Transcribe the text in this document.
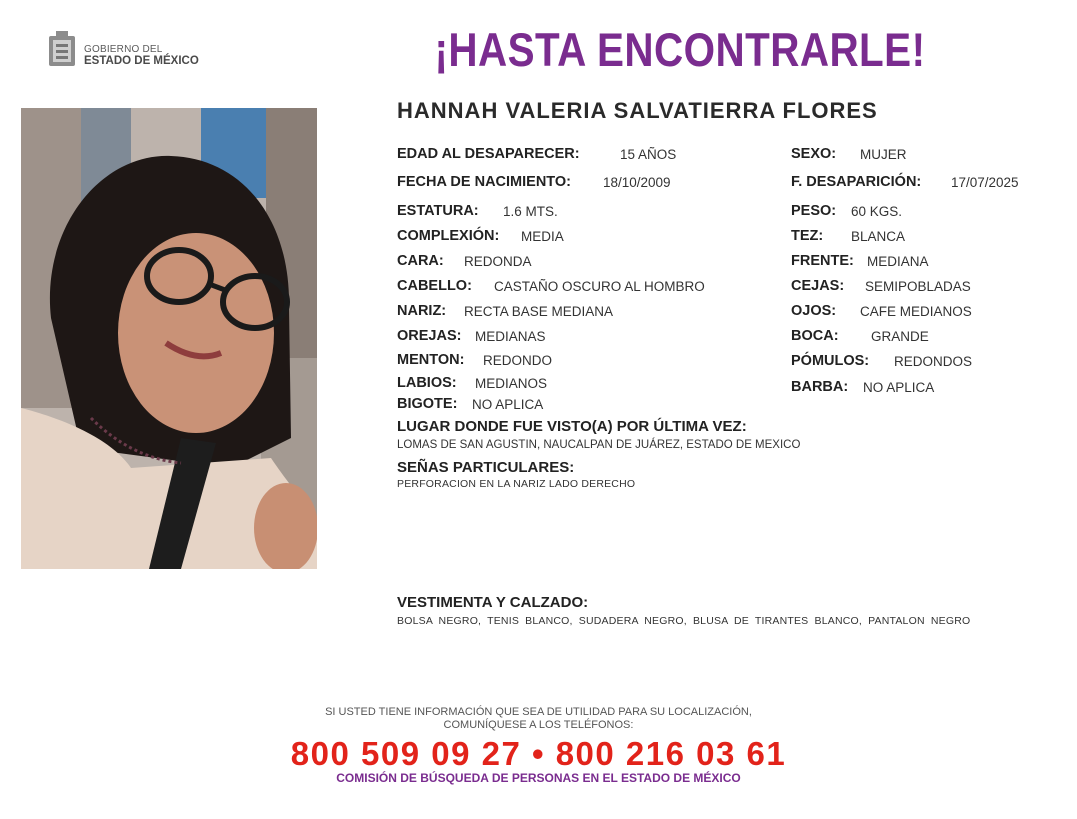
GOBIERNO DEL
ESTADO DE MÉXICO	¡HASTA ENCONTRARLE!
HANNAH VALERIA SALVATIERRA FLORES
EDAD AL DESAPARECER:	15 AÑOS
FECHA DE NACIMIENTO: 18/10/2009
ESTATURA: 1.6 MTS.
COMPLEXIÓN: MEDIA
CARA: REDONDA
CABELLO: CASTAÑO OSCURO AL HOMBRO
NARIZ: RECTA BASE MEDIANA
OREJAS: MEDIANAS
MENTON: REDONDO
LABIOS: MEDIANOS
BIGOTE: NO APLICA
SEXO: MUJER
F. DESAPARICIÓN: 17/07/2025
PESO: 60 KGS.
TEZ: BLANCA
FRENTE: MEDIANA
CEJAS: SEMIPOBLADAS
OJOS: CAFE MEDIANOS
BOCA: GRANDE
PÓMULOS: REDONDOS
BARBA: NO APLICA
LUGAR DONDE FUE VISTO(A) POR ÚLTIMA VEZ:
LOMAS DE SAN AGUSTIN, NAUCALPAN DE JUÁREZ, ESTADO DE MEXICO
SEÑAS PARTICULARES:
PERFORACION EN LA NARIZ LADO DERECHO
VESTIMENTA Y CALZADO:
BOLSA NEGRO, TENIS BLANCO, SUDADERA NEGRO, BLUSA DE TIRANTES BLANCO, PANTALON NEGRO
SI USTED TIENE INFORMACIÓN QUE SEA DE UTILIDAD PARA SU LOCALIZACIÓN,
COMUNÍQUESE A LOS TELÉFONOS:
800 509 09 27 • 800 216 03 61
COMISIÓN DE BÚSQUEDA DE PERSONAS EN EL ESTADO DE MÉXICO
